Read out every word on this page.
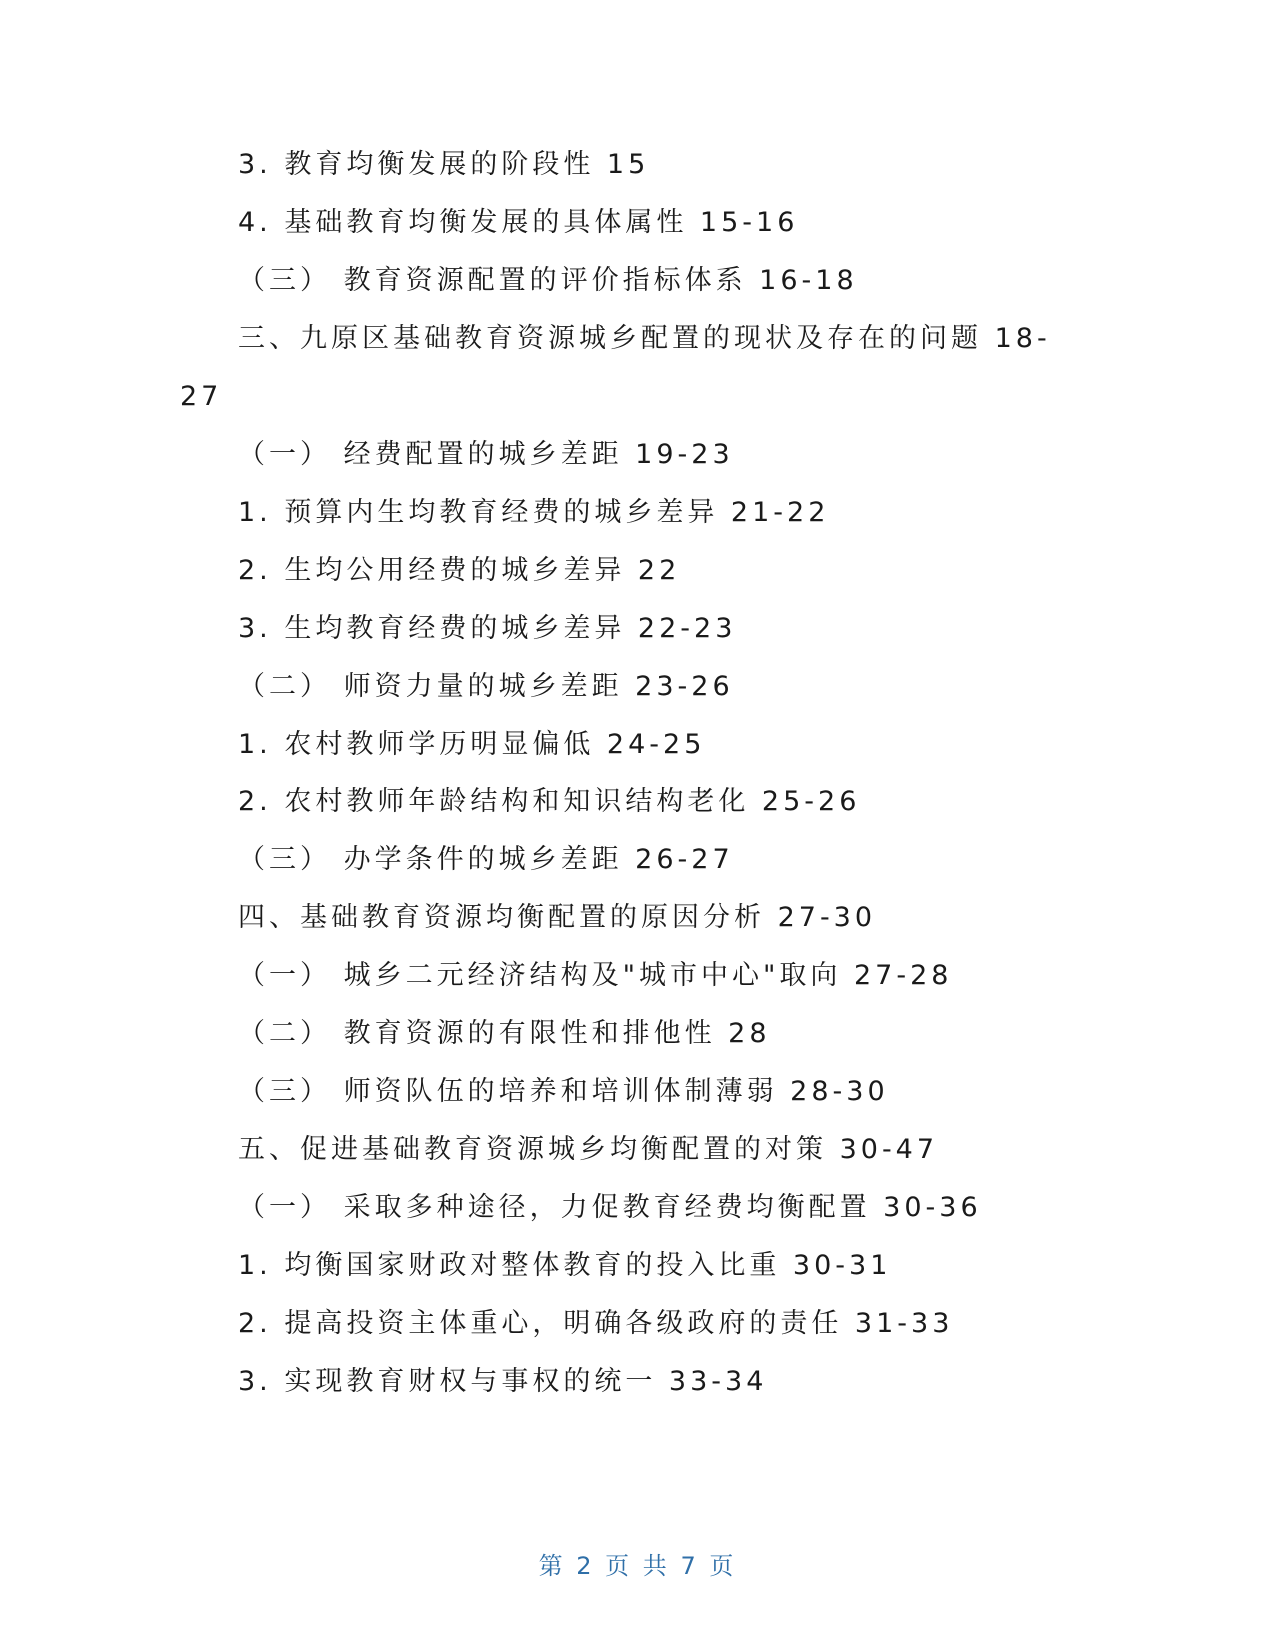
3. 教育均衡发展的阶段性 15
4. 基础教育均衡发展的具体属性 15-16
（三） 教育资源配置的评价指标体系 16-18
三、九原区基础教育资源城乡配置的现状及存在的问题 18-
27
（一） 经费配置的城乡差距 19-23
1. 预算内生均教育经费的城乡差异 21-22
2. 生均公用经费的城乡差异 22
3. 生均教育经费的城乡差异 22-23
（二） 师资力量的城乡差距 23-26
1. 农村教师学历明显偏低 24-25
2. 农村教师年龄结构和知识结构老化 25-26
（三） 办学条件的城乡差距 26-27
四、基础教育资源均衡配置的原因分析 27-30
（一） 城乡二元经济结构及"城市中心"取向 27-28
（二） 教育资源的有限性和排他性 28
（三） 师资队伍的培养和培训体制薄弱 28-30
五、促进基础教育资源城乡均衡配置的对策 30-47
（一） 采取多种途径，力促教育经费均衡配置 30-36
1. 均衡国家财政对整体教育的投入比重 30-31
2. 提高投资主体重心，明确各级政府的责任 31-33
3. 实现教育财权与事权的统一 33-34
第 2 页 共 7 页
